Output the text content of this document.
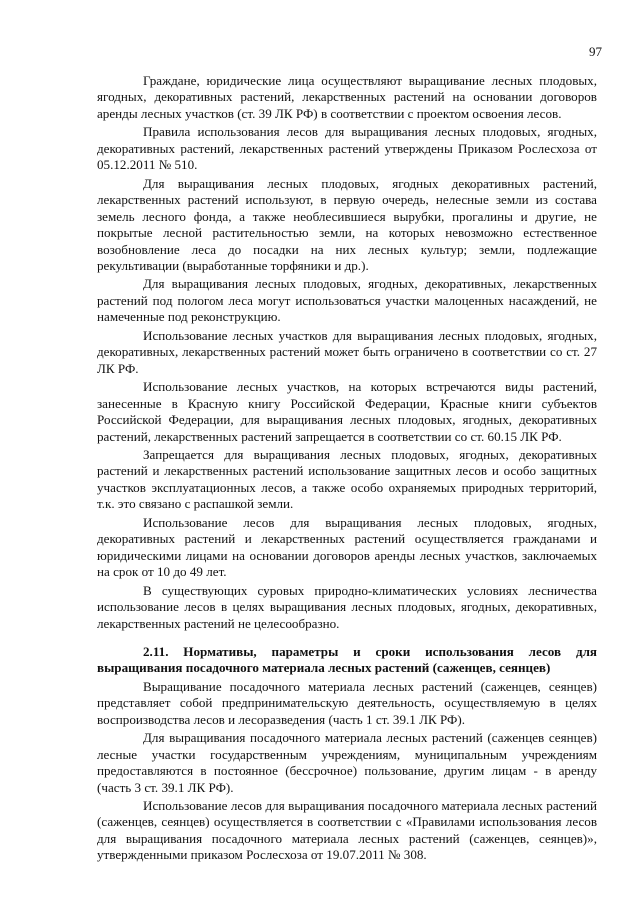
97

Граждане, юридические лица осуществляют выращивание лесных плодовых, ягодных, декоративных растений, лекарственных растений на основании договоров аренды лесных участков (ст. 39 ЛК РФ) в соответствии с проектом освоения лесов.

Правила использования лесов для выращивания лесных плодовых, ягодных, декоративных растений, лекарственных растений утверждены Приказом Рослесхоза от 05.12.2011 № 510.

Для выращивания лесных плодовых, ягодных декоративных растений, лекарственных растений используют, в первую очередь, нелесные земли из состава земель лесного фонда, а также необлесившиеся вырубки, прогалины и другие, не покрытые лесной растительностью земли, на которых невозможно естественное возобновление леса до посадки на них лесных культур; земли, подлежащие рекультивации (выработанные торфяники и др.).

Для выращивания лесных плодовых, ягодных, декоративных, лекарственных растений под пологом леса могут использоваться участки малоценных насаждений, не намеченные под реконструкцию.

Использование лесных участков для выращивания лесных плодовых, ягодных, декоративных, лекарственных растений может быть ограничено в соответствии со ст. 27 ЛК РФ.

Использование лесных участков, на которых встречаются виды растений, занесенные в Красную книгу Российской Федерации, Красные книги субъектов Российской Федерации, для выращивания лесных плодовых, ягодных, декоративных растений, лекарственных растений запрещается в соответствии со ст. 60.15 ЛК РФ.

Запрещается для выращивания лесных плодовых, ягодных, декоративных растений и лекарственных растений использование защитных лесов и особо защитных участков эксплуатационных лесов, а также особо охраняемых природных территорий, т.к. это связано с распашкой земли.

Использование лесов для выращивания лесных плодовых, ягодных, декоративных растений и лекарственных растений осуществляется гражданами и юридическими лицами на основании договоров аренды лесных участков, заключаемых на срок от 10 до 49 лет.

В существующих суровых природно-климатических условиях лесничества использование лесов в целях выращивания лесных плодовых, ягодных, декоративных, лекарственных растений не целесообразно.

2.11. Нормативы, параметры и сроки использования лесов для выращивания посадочного материала лесных растений (саженцев, сеянцев)

Выращивание посадочного материала лесных растений (саженцев, сеянцев) представляет собой предпринимательскую деятельность, осуществляемую в целях воспроизводства лесов и лесоразведения (часть 1 ст. 39.1 ЛК РФ).

Для выращивания посадочного материала лесных растений (саженцев сеянцев) лесные участки государственным учреждениям, муниципальным учреждениям предоставляются в постоянное (бессрочное) пользование, другим лицам - в аренду (часть 3 ст. 39.1 ЛК РФ).

Использование лесов для выращивания посадочного материала лесных растений (саженцев, сеянцев) осуществляется в соответствии с «Правилами использования лесов для выращивания посадочного материала лесных растений (саженцев, сеянцев)», утвержденными приказом Рослесхоза от 19.07.2011 № 308.
